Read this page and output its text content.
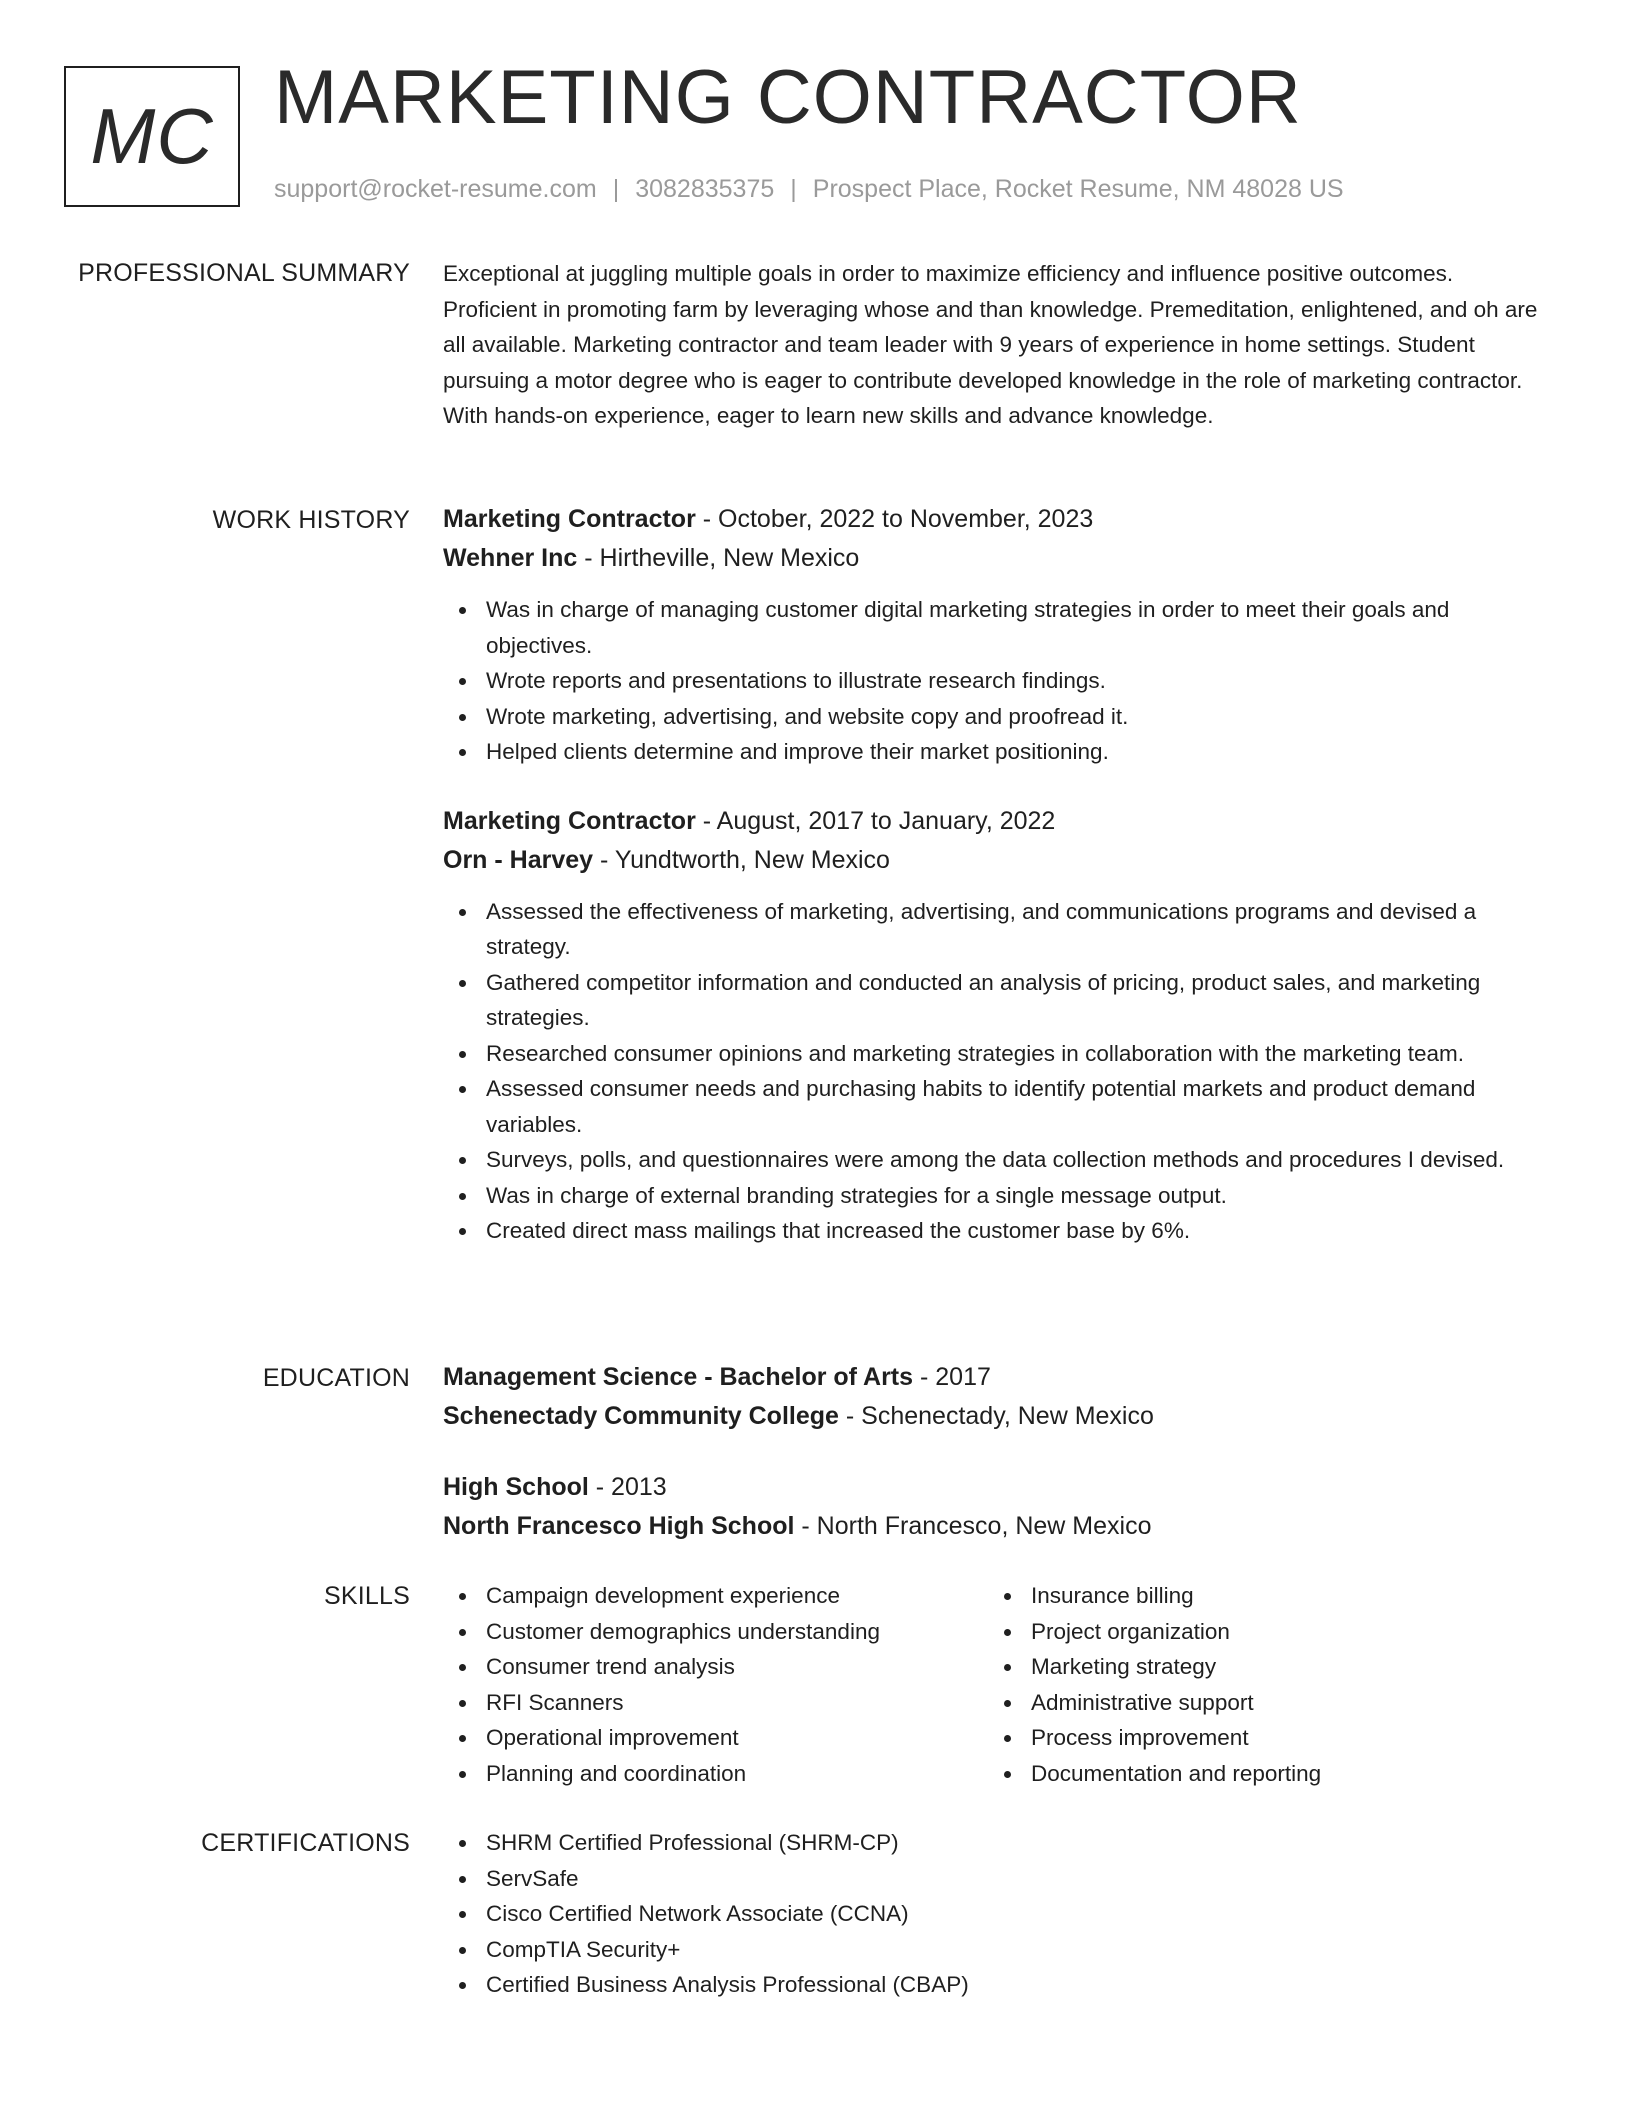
MC MARKETING CONTRACTOR
support@rocket-resume.com | 3082835375 | Prospect Place, Rocket Resume, NM 48028 US
PROFESSIONAL SUMMARY Exceptional at juggling multiple goals in order to maximize efficiency and influence positive outcomes. Proficient in promoting farm by leveraging whose and than knowledge. Premeditation, enlightened, and oh are all available. Marketing contractor and team leader with 9 years of experience in home settings. Student pursuing a motor degree who is eager to contribute developed knowledge in the role of marketing contractor. With hands-on experience, eager to learn new skills and advance knowledge.

WORK HISTORY Marketing Contractor - October, 2022 to November, 2023
Wehner Inc - Hirtheville, New Mexico
Was in charge of managing customer digital marketing strategies in order to meet their goals and objectives.
Wrote reports and presentations to illustrate research findings.
Wrote marketing, advertising, and website copy and proofread it.
Helped clients determine and improve their market positioning.
Marketing Contractor - August, 2017 to January, 2022
Orn - Harvey - Yundtworth, New Mexico
Assessed the effectiveness of marketing, advertising, and communications programs and devised a strategy.
Gathered competitor information and conducted an analysis of pricing, product sales, and marketing strategies.
Researched consumer opinions and marketing strategies in collaboration with the marketing team.
Assessed consumer needs and purchasing habits to identify potential markets and product demand variables.
Surveys, polls, and questionnaires were among the data collection methods and procedures I devised.
Was in charge of external branding strategies for a single message output.
Created direct mass mailings that increased the customer base by 6%.
EDUCATION Management Science - Bachelor of Arts - 2017
Schenectady Community College - Schenectady, New Mexico
High School - 2013
North Francesco High School - North Francesco, New Mexico
SKILLS	Campaign development experience
Customer demographics understanding
Consumer trend analysis
RFI Scanners
Operational improvement
Planning and coordination
Insurance billing
Project organization
Marketing strategy
Administrative support
Process improvement
Documentation and reporting
CERTIFICATIONS	SHRM Certified Professional (SHRM-CP)
ServSafe
Cisco Certified Network Associate (CCNA)
CompTIA Security+
Certified Business Analysis Professional (CBAP)
